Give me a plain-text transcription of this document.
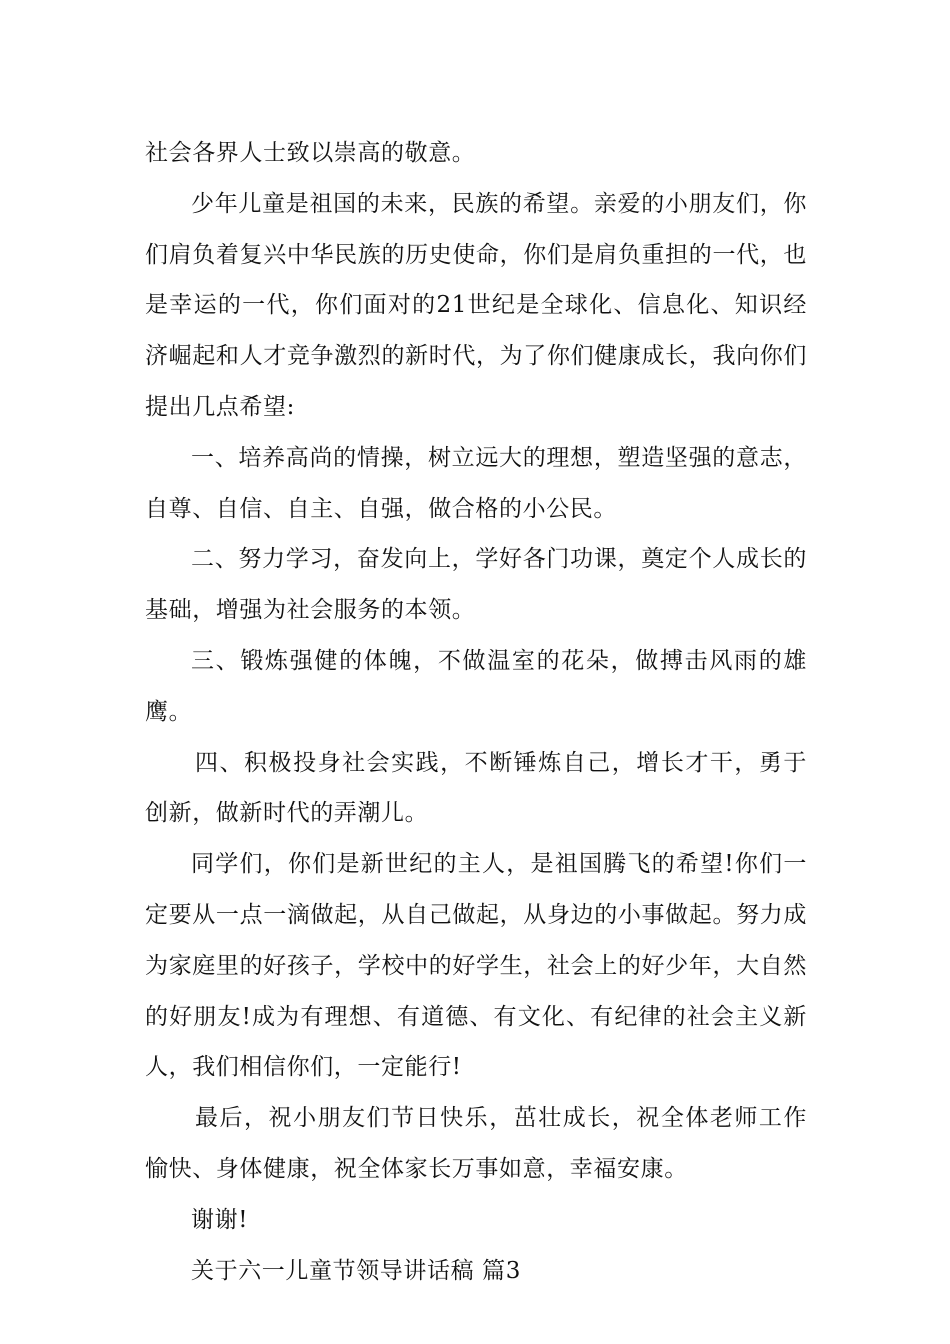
社会各界人士致以崇高的敬意。

少年儿童是祖国的未来，民族的希望。亲爱的小朋友们，你们肩负着复兴中华民族的历史使命，你们是肩负重担的一代，也是幸运的一代，你们面对的21世纪是全球化、信息化、知识经济崛起和人才竞争激烈的新时代，为了你们健康成长，我向你们提出几点希望:

一、培养高尚的情操，树立远大的理想，塑造坚强的意志，自尊、自信、自主、自强，做合格的小公民。

二、努力学习，奋发向上，学好各门功课，奠定个人成长的基础，增强为社会服务的本领。

三、锻炼强健的体魄，不做温室的花朵，做搏击风雨的雄鹰。

四、积极投身社会实践，不断锤炼自己，增长才干，勇于创新，做新时代的弄潮儿。

同学们，你们是新世纪的主人，是祖国腾飞的希望!你们一定要从一点一滴做起，从自己做起，从身边的小事做起。努力成为家庭里的好孩子，学校中的好学生，社会上的好少年，大自然的好朋友!成为有理想、有道德、有文化、有纪律的社会主义新人，我们相信你们，一定能行!

最后，祝小朋友们节日快乐，茁壮成长，祝全体老师工作愉快、身体健康，祝全体家长万事如意，幸福安康。

谢谢!

关于六一儿童节领导讲话稿 篇3
